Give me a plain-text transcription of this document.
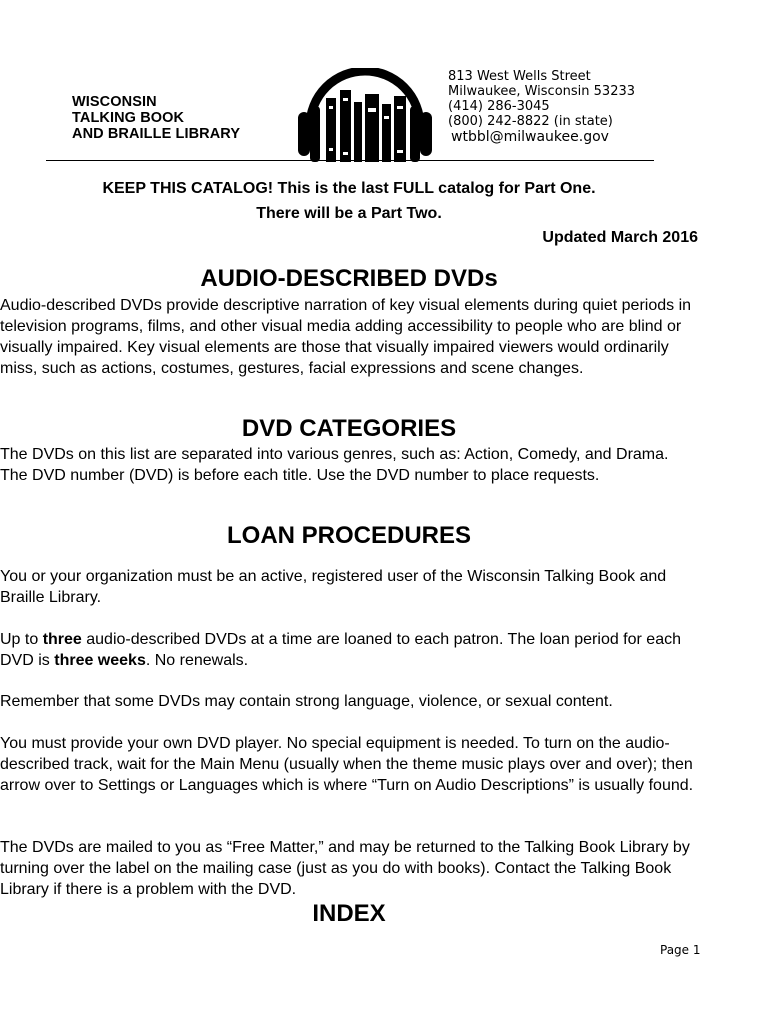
WISCONSIN
TALKING BOOK
AND BRAILLE LIBRARY
813 West Wells Street
Milwaukee, Wisconsin 53233
(414) 286-3045
(800) 242-8822 (in state)
wtbbl@milwaukee.gov
KEEP THIS CATALOG! This is the last FULL catalog for Part One.
There will be a Part Two.
Updated March 2016
AUDIO-DESCRIBED DVDs
Audio-described DVDs provide descriptive narration of key visual elements during quiet periods in television programs, films, and other visual media adding accessibility to people who are blind or visually impaired. Key visual elements are those that visually impaired viewers would ordinarily miss, such as actions, costumes, gestures, facial expressions and scene changes.
DVD CATEGORIES
The DVDs on this list are separated into various genres, such as: Action, Comedy, and Drama. The DVD number (DVD) is before each title. Use the DVD number to place requests.
LOAN PROCEDURES
You or your organization must be an active, registered user of the Wisconsin Talking Book and Braille Library.
Up to three audio-described DVDs at a time are loaned to each patron. The loan period for each DVD is three weeks. No renewals.
Remember that some DVDs may contain strong language, violence, or sexual content.
You must provide your own DVD player. No special equipment is needed. To turn on the audio-described track, wait for the Main Menu (usually when the theme music plays over and over); then arrow over to Settings or Languages which is where “Turn on Audio Descriptions” is usually found.
The DVDs are mailed to you as “Free Matter,” and may be returned to the Talking Book Library by turning over the label on the mailing case (just as you do with books). Contact the Talking Book Library if there is a problem with the DVD.
INDEX
Page 1
